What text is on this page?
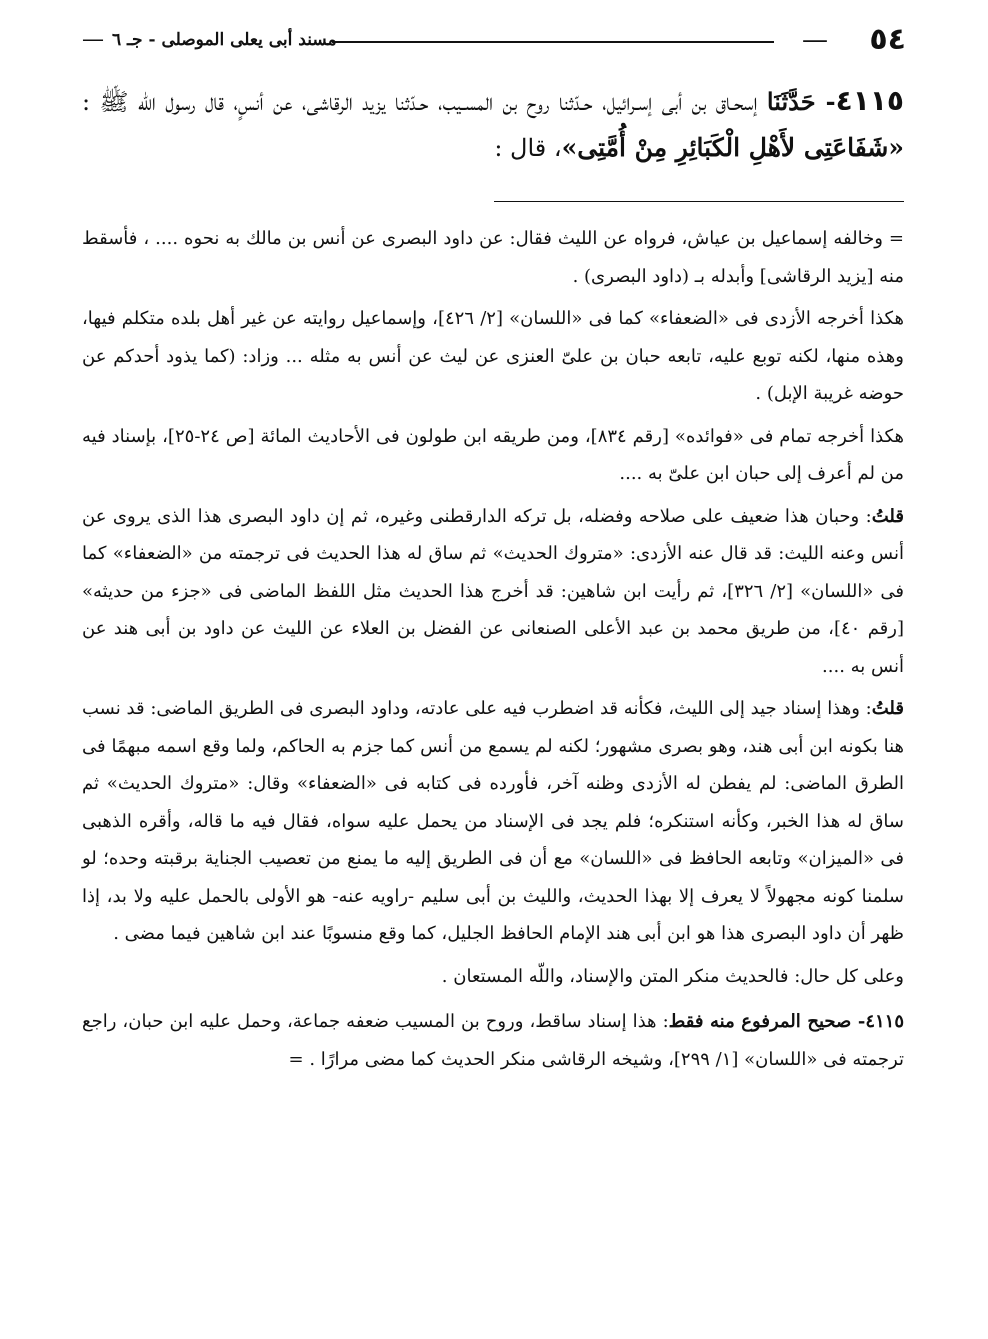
٥٤
—
مسند أبى يعلى الموصلى - جـ ٦
—

٤١١٥- حَدَّثَنَا إسحـاق بن أبى إسـرائيل، حـدّثنا روح بن المسـيب، حـدّثنا يزيد الرقاشى، عن أنسٍ، قال رسول اللّه ﷺ : «شَفَاعَتِى لأَهْلِ الْكَبَائِرِ مِنْ أُمَّتِى»، قال :

= وخالفه إسماعيل بن عياش، فرواه عن الليث فقال: عن داود البصرى عن أنس بن مالك به نحوه .... ، فأسقط منه [يزيد الرقاشى] وأبدله بـ (داود البصرى) .

هكذا أخرجه الأزدى فى «الضعفاء» كما فى «اللسان» [٢/ ٤٢٦]، وإسماعيل روايته عن غير أهل بلده متكلم فيها، وهذه منها، لكنه توبع عليه، تابعه حبان بن علىّ العنزى عن ليث عن أنس به مثله ... وزاد: (كما يذود أحدكم عن حوضه غريبة الإبل) .

هكذا أخرجه تمام فى «فوائده» [رقم ٨٣٤]، ومن طريقه ابن طولون فى الأحاديث المائة [ص ٢٤-٢٥]، بإسناد فيه من لم أعرف إلى حبان ابن علىّ به ....

قلتُ: وحبان هذا ضعيف على صلاحه وفضله، بل تركه الدارقطنى وغيره، ثم إن داود البصرى هذا الذى يروى عن أنس وعنه الليث: قد قال عنه الأزدى: «متروك الحديث» ثم ساق له هذا الحديث فى ترجمته من «الضعفاء» كما فى «اللسان» [٢/ ٣٢٦]، ثم رأيت ابن شاهين: قد أخرج هذا الحديث مثل اللفظ الماضى فى «جزء من حديثه» [رقم ٤٠]، من طريق محمد بن عبد الأعلى الصنعانى عن الفضل بن العلاء عن الليث عن داود بن أبى هند عن أنس به ....

قلتُ: وهذا إسناد جيد إلى الليث، فكأنه قد اضطرب فيه على عادته، وداود البصرى فى الطريق الماضى: قد نسب هنا بكونه ابن أبى هند، وهو بصرى مشهور؛ لكنه لم يسمع من أنس كما جزم به الحاكم، ولما وقع اسمه مبهمًا فى الطرق الماضى: لم يفطن له الأزدى وظنه آخر، فأورده فى كتابه فى «الضعفاء» وقال: «متروك الحديث» ثم ساق له هذا الخبر، وكأنه استنكره؛ فلم يجد فى الإسناد من يحمل عليه سواه، فقال فيه ما قاله، وأقره الذهبى فى «الميزان» وتابعه الحافظ فى «اللسان» مع أن فى الطريق إليه ما يمنع من تعصيب الجناية برقبته وحده؛ لو سلمنا كونه مجهولاً لا يعرف إلا بهذا الحديث، والليث بن أبى سليم -راويه عنه- هو الأولى بالحمل عليه ولا بد، إذا ظهر أن داود البصرى هذا هو ابن أبى هند الإمام الحافظ الجليل، كما وقع منسوبًا عند ابن شاهين فيما مضى .

وعلى كل حال: فالحديث منكر المتن والإسناد، واللّه المستعان .

٤١١٥- صحيح المرفوع منه فقط: هذا إسناد ساقط، وروح بن المسيب ضعفه جماعة، وحمل عليه ابن حبان، راجع ترجمته فى «اللسان» [١/ ٢٩٩]، وشيخه الرقاشى منكر الحديث كما مضى مرارًا . =
